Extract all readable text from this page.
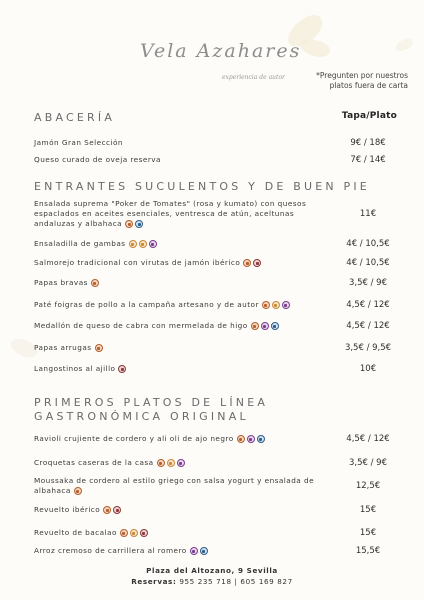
Vela Azahares
experiencia de autor	*Pregunten por nuestros platos fuera de carta
Tapa/Plato
ABACERÍA
Jamón Gran Selección	9€ / 18€
Queso curado de oveja reserva	7€ / 14€
ENTRANTES SUCULENTOS Y DE BUEN PIE
Ensalada suprema "Poker de Tomates" (rosa y kumato) con quesos espaclados en aceites esenciales, ventresca de atún, aceltunas andaluzas y albahaca
11€
Ensaladilla de gambas	4€ / 10,5€
Salmorejo tradicional con virutas de jamón ibérico	4€ / 10,5€
Papas bravas	3,5€ / 9€
Paté foigras de pollo a la campaña artesano y de autor	4,5€ / 12€
Medallón de queso de cabra con mermelada de higo	4,5€ / 12€
Papas arrugas	3,5€ / 9,5€
Langostinos al ajillo	10€
PRIMEROS PLATOS DE LÍNEA
GASTRONÓMICA ORIGINAL
Ravioli crujiente de cordero y ali oli de ajo negro	4,5€ / 12€
Croquetas caseras de la casa	3,5€ / 9€
Moussaka de cordero al estilo griego con salsa yogurt y ensalada de albahaca	12,5€
Revuelto ibérico	15€
Revuelto de bacalao	15€
Arroz cremoso de carrillera al romero	15,5€
Plaza del Altozano, 9 Sevilla
Reservas: 955 235 718 | 605 169 827
